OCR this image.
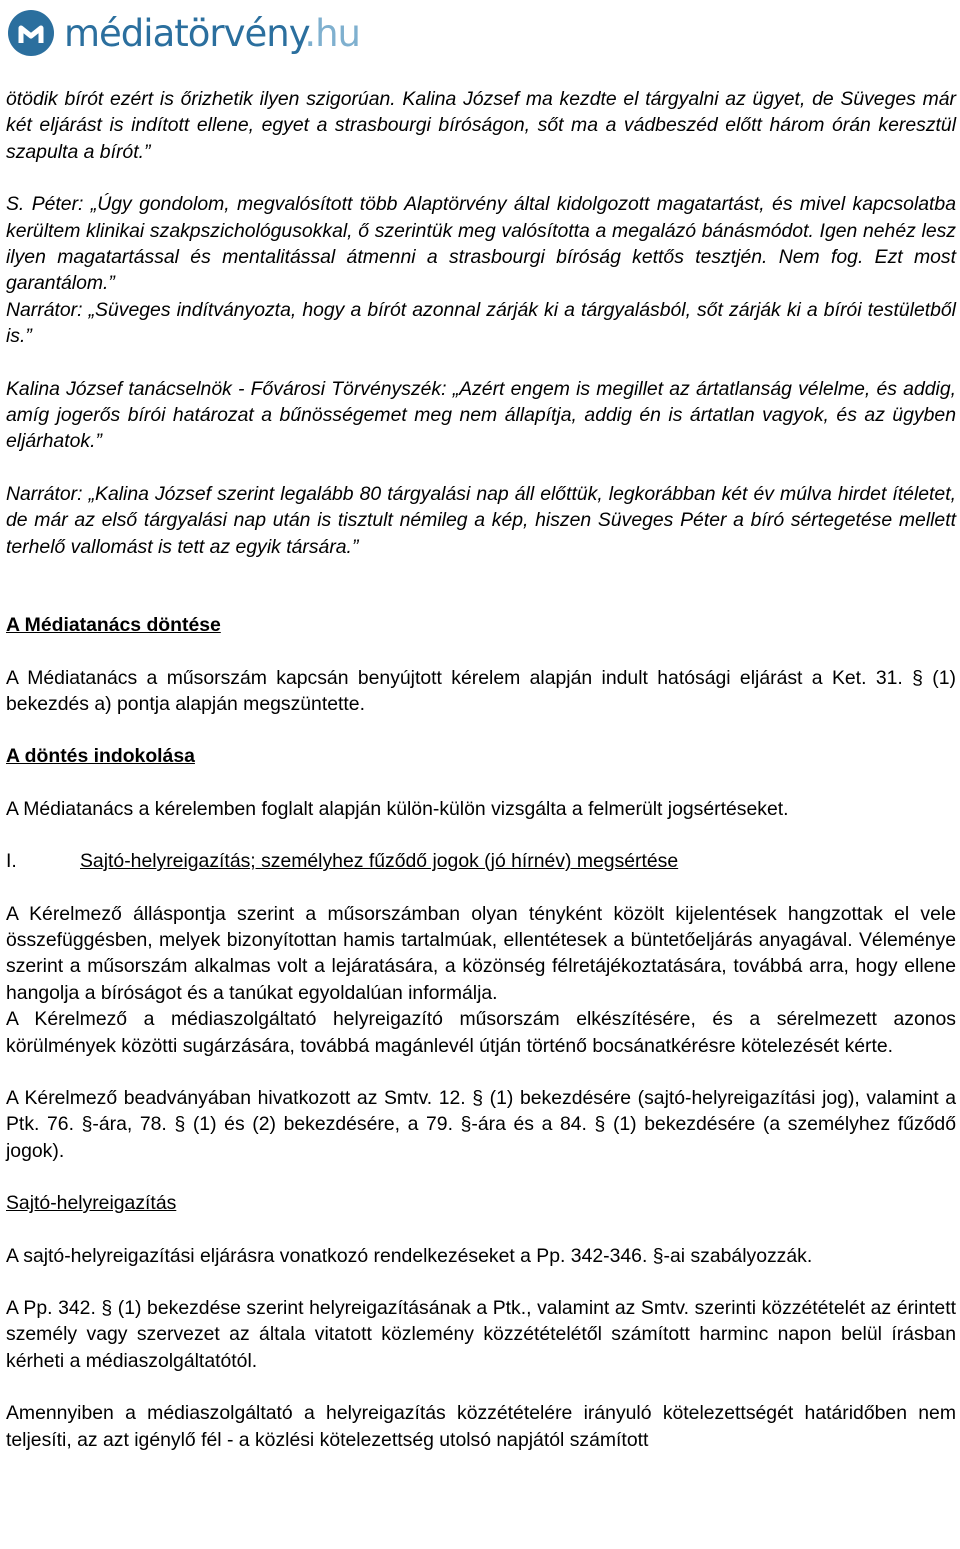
médiatörvény.hu

ötödik bírót ezért is őrizhetik ilyen szigorúan. Kalina József ma kezdte el tárgyalni az ügyet, de Süveges már két eljárást is indított ellene, egyet a strasbourgi bíróságon, sőt ma a vádbeszéd előtt három órán keresztül szapulta a bírót.”

S. Péter: „Úgy gondolom, megvalósított több Alaptörvény által kidolgozott magatartást, és mivel kapcsolatba kerültem klinikai szakpszichológusokkal, ő szerintük meg valósította a megalázó bánásmódot. Igen nehéz lesz ilyen magatartással és mentalitással átmenni a strasbourgi bíróság kettős tesztjén. Nem fog. Ezt most garantálom.”

Narrátor: „Süveges indítványozta, hogy a bírót azonnal zárják ki a tárgyalásból, sőt zárják ki a bírói testületből is.”

Kalina József tanácselnök - Fővárosi Törvényszék: „Azért engem is megillet az ártatlanság vélelme, és addig, amíg jogerős bírói határozat a bűnösségemet meg nem állapítja, addig én is ártatlan vagyok, és az ügyben eljárhatok.”

Narrátor: „Kalina József szerint legalább 80 tárgyalási nap áll előttük, legkorábban két év múlva hirdet ítéletet, de már az első tárgyalási nap után is tisztult némileg a kép, hiszen Süveges Péter a bíró sértegetése mellett terhelő vallomást is tett az egyik társára.”

A Médiatanács döntése

A Médiatanács a műsorszám kapcsán benyújtott kérelem alapján indult hatósági eljárást a Ket. 31. § (1) bekezdés a) pontja alapján megszüntette.

A döntés indokolása

A Médiatanács a kérelemben foglalt alapján külön-külön vizsgálta a felmerült jogsértéseket.

I.	Sajtó-helyreigazítás; személyhez fűződő jogok (jó hírnév) megsértése

A Kérelmező álláspontja szerint a műsorszámban olyan tényként közölt kijelentések hangzottak el vele összefüggésben, melyek bizonyítottan hamis tartalmúak, ellentétesek a büntetőeljárás anyagával. Véleménye szerint a műsorszám alkalmas volt a lejáratására, a közönség félretájékoztatására, továbbá arra, hogy ellene hangolja a bíróságot és a tanúkat egyoldalúan informálja.

A Kérelmező a médiaszolgáltató helyreigazító műsorszám elkészítésére, és a sérelmezett azonos körülmények közötti sugárzására, továbbá magánlevél útján történő bocsánatkérésre kötelezését kérte.

A Kérelmező beadványában hivatkozott az Smtv. 12. § (1) bekezdésére (sajtó-helyreigazítási jog), valamint a Ptk. 76. §-ára, 78. § (1) és (2) bekezdésére, a 79. §-ára és a 84. § (1) bekezdésére (a személyhez fűződő jogok).

Sajtó-helyreigazítás

A sajtó-helyreigazítási eljárásra vonatkozó rendelkezéseket a Pp. 342-346. §-ai szabályozzák.

A Pp. 342. § (1) bekezdése szerint helyreigazításának a Ptk., valamint az Smtv. szerinti közzétételét az érintett személy vagy szervezet az általa vitatott közlemény közzétételétől számított harminc napon belül írásban kérheti a médiaszolgáltatótól.

Amennyiben a médiaszolgáltató a helyreigazítás közzétételére irányuló kötelezettségét határidőben nem teljesíti, az azt igénylő fél - a közlési kötelezettség utolsó napjától számított
